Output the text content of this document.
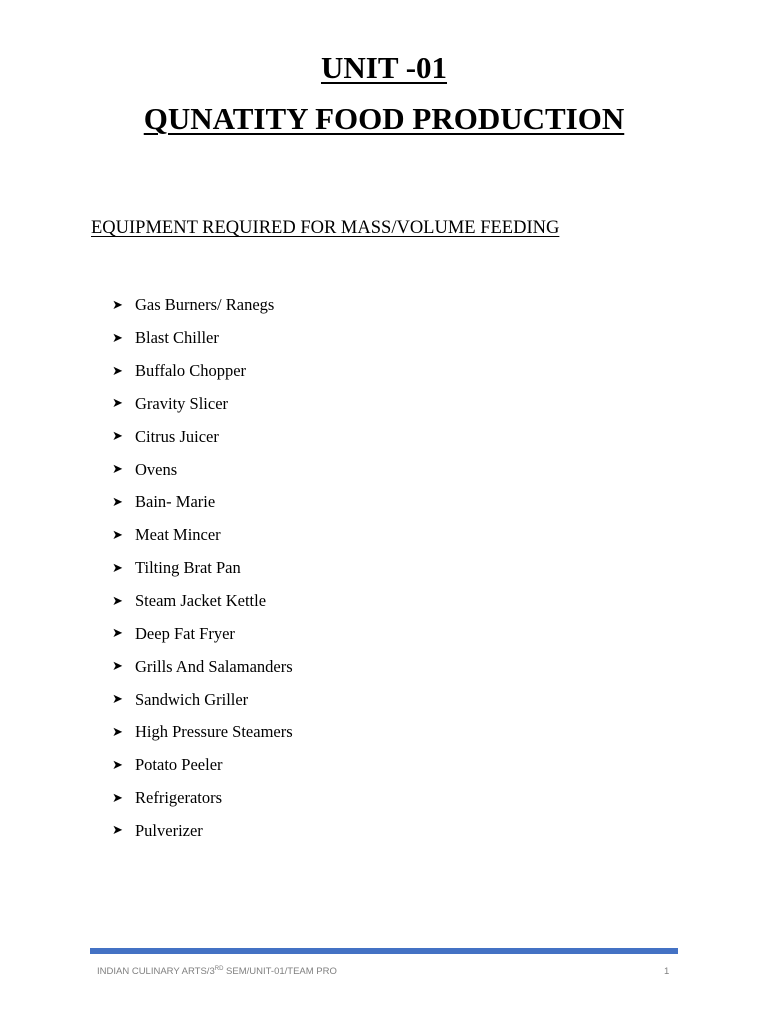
UNIT -01
QUNATITY FOOD PRODUCTION
EQUIPMENT REQUIRED FOR MASS/VOLUME FEEDING
➤ Gas Burners/ Ranegs
➤ Blast Chiller
➤ Buffalo Chopper
➤ Gravity Slicer
➤ Citrus Juicer
➤ Ovens
➤ Bain- Marie
➤ Meat Mincer
➤ Tilting Brat Pan
➤ Steam Jacket Kettle
➤ Deep Fat Fryer
➤ Grills And Salamanders
➤ Sandwich Griller
➤ High Pressure Steamers
➤ Potato Peeler
➤ Refrigerators
➤ Pulverizer
INDIAN CULINARY ARTS/3RD SEM/UNIT-01/TEAM PRO	1
